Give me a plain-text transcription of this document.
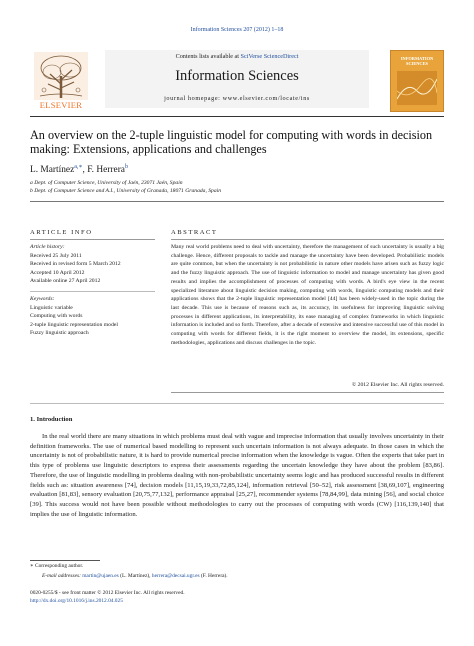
Information Sciences 207 (2012) 1–18
ELSEVIER
Contents lists available at SciVerse ScienceDirect
Information Sciences
journal homepage: www.elsevier.com/locate/ins
INFORMATION SCIENCES
An overview on the 2-tuple linguistic model for computing with words in decision making: Extensions, applications and challenges
L. Martínez$^{a,∗}$, F. Herrera$^b$
a Dept. of Computer Science, University of Jaén, 23071 Jaén, Spain
b Dept. of Computer Science and A.I., University of Granada, 18071 Granada, Spain
ARTICLE INFO
Article history:
Received 25 July 2011
Received in revised form 5 March 2012
Accepted 10 April 2012
Available online 27 April 2012
Keywords:
Linguistic variable
Computing with words
2-tuple linguistic representation model
Fuzzy linguistic approach
ABSTRACT
Many real world problems need to deal with uncertainty, therefore the management of such uncertainty is usually a big challenge. Hence, different proposals to tackle and manage the uncertainty have been developed. Probabilistic models are quite common, but when the uncertainty is not probabilistic in nature other models have arisen such as fuzzy logic and the fuzzy linguistic approach. The use of linguistic information to model and manage uncertainty has given good results and implies the accomplishment of processes of computing with words. A bird's eye view in the recent specialized literature about linguistic decision making, computing with words, linguistic computing models and their applications shows that the 2-tuple linguistic representation model [44] has been widely-used in the topic during the last decade. This use is because of reasons such as, its accuracy, its usefulness for improving linguistic solving processes in different applications, its interpretability, its ease managing of complex frameworks in which linguistic information is included and so forth. Therefore, after a decade of extensive and intensive successful use of this model in computing with words for different fields, it is the right moment to overview the model, its extensions, specific methodologies, applications and discuss challenges in the topic.
© 2012 Elsevier Inc. All rights reserved.
1. Introduction
In the real world there are many situations in which problems must deal with vague and imprecise information that usually involves uncertainty in their definition frameworks. The use of numerical based modelling to represent such uncertain information is not always adequate. In those cases in which the uncertainty is not of probabilistic nature, it is hard to provide numerical precise information when the knowledge is vague. Often the experts that take part in this type of problems use linguistic descriptors to express their assessments regarding the uncertain knowledge they have about the problem [83,86]. Therefore, the use of linguistic modelling in problems dealing with non-probabilistic uncertainty seems logic and has produced successful results in different fields such as: situation awareness [74], decision models [11,15,19,33,72,85,124], information retrieval [50–52], risk assessment [38,69,107], engineering evaluation [81,83], sensory evaluation [20,75,77,132], performance appraisal [25,27], recommender systems [78,84,99], data mining [56], and social choice [39]. This success would not have been possible without methodologies to carry out the processes of computing with words (CW) [116,139,140] that implies the use of linguistic information.
∗ Corresponding author.
E-mail addresses: martin@ujaen.es (L. Martínez), herrera@decsai.ugr.es (F. Herrera).
0020-0255/$ - see front matter © 2012 Elsevier Inc. All rights reserved.
http://dx.doi.org/10.1016/j.ins.2012.04.025
